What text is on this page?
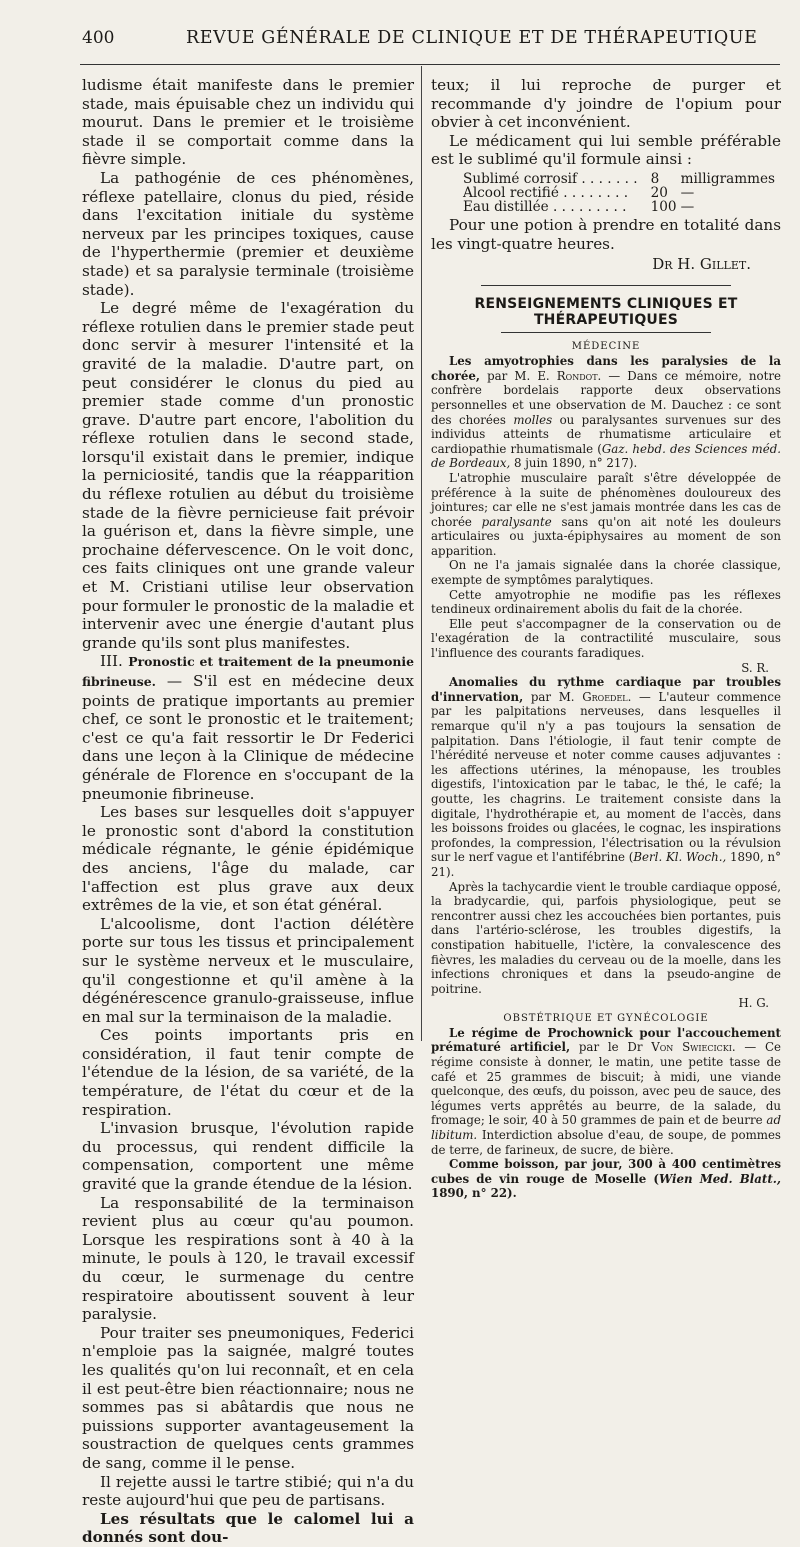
400	REVUE GÉNÉRALE DE CLINIQUE ET DE THÉRAPEUTIQUE

ludisme était manifeste dans le premier stade, mais épuisable chez un individu qui mourut. Dans le premier et le troisième stade il se comportait comme dans la fièvre simple.

La pathogénie de ces phénomènes, réflexe patellaire, clonus du pied, réside dans l'excitation initiale du système nerveux par les principes toxiques, cause de l'hyperthermie (premier et deuxième stade) et sa paralysie terminale (troisième stade).

Le degré même de l'exagération du réflexe rotulien dans le premier stade peut donc servir à mesurer l'intensité et la gravité de la maladie. D'autre part, on peut considérer le clonus du pied au premier stade comme d'un pronostic grave. D'autre part encore, l'abolition du réflexe rotulien dans le second stade, lorsqu'il existait dans le premier, indique la perniciosité, tandis que la réapparition du réflexe rotulien au début du troisième stade de la fièvre pernicieuse fait prévoir la guérison et, dans la fièvre simple, une prochaine défervescence. On le voit donc, ces faits cliniques ont une grande valeur et M. Cristiani utilise leur observation pour formuler le pronostic de la maladie et intervenir avec une énergie d'autant plus grande qu'ils sont plus manifestes.

III. Pronostic et traitement de la pneumonie fibrineuse. — S'il est en médecine deux points de pratique importants au premier chef, ce sont le pronostic et le traitement; c'est ce qu'a fait ressortir le Dr Federici dans une leçon à la Clinique de médecine générale de Florence en s'occupant de la pneumonie fibrineuse.

Les bases sur lesquelles doit s'appuyer le pronostic sont d'abord la constitution médicale régnante, le génie épidémique des anciens, l'âge du malade, car l'affection est plus grave aux deux extrêmes de la vie, et son état général.

L'alcoolisme, dont l'action délétère porte sur tous les tissus et principalement sur le système nerveux et le musculaire, qu'il congestionne et qu'il amène à la dégénérescence granulo-graisseuse, influe en mal sur la terminaison de la maladie.

Ces points importants pris en considération, il faut tenir compte de l'étendue de la lésion, de sa variété, de la température, de l'état du cœur et de la respiration.

L'invasion brusque, l'évolution rapide du processus, qui rendent difficile la compensation, comportent une même gravité que la grande étendue de la lésion.

La responsabilité de la terminaison revient plus au cœur qu'au poumon. Lorsque les respirations sont à 40 à la minute, le pouls à 120, le travail excessif du cœur, le surmenage du centre respiratoire aboutissent souvent à leur paralysie.

Pour traiter ses pneumoniques, Federici n'emploie pas la saignée, malgré toutes les qualités qu'on lui reconnaît, et en cela il est peut-être bien réactionnaire; nous ne sommes pas si abâtardis que nous ne puissions supporter avantageusement la soustraction de quelques cents grammes de sang, comme il le pense.

Il rejette aussi le tartre stibié; qui n'a du reste aujourd'hui que peu de partisans.

Les résultats que le calomel lui a donnés sont dou-

teux; il lui reproche de purger et recommande d'y joindre de l'opium pour obvier à cet inconvénient.

Le médicament qui lui semble préférable est le sublimé qu'il formule ainsi :

Sublimé corrosif . . . . . . .	8	milligrammes
Alcool rectifié . . . . . . . .	20	—
Eau distillée . . . . . . . . .	100	—

Pour une potion à prendre en totalité dans les vingt-quatre heures.

Dr H. Gillet.
RENSEIGNEMENTS CLINIQUES ET THÉRAPEUTIQUES
MÉDECINE

Les amyotrophies dans les paralysies de la chorée, par M. E. Rondot. — Dans ce mémoire, notre confrère bordelais rapporte deux observations personnelles et une observation de M. Dauchez : ce sont des chorées molles ou paralysantes survenues sur des individus atteints de rhumatisme articulaire et cardiopathie rhumatismale (Gaz. hebd. des Sciences méd. de Bordeaux, 8 juin 1890, n° 217).

L'atrophie musculaire paraît s'être développée de préférence à la suite de phénomènes douloureux des jointures; car elle ne s'est jamais montrée dans les cas de chorée paralysante sans qu'on ait noté les douleurs articulaires ou juxta-épiphysaires au moment de son apparition.

On ne l'a jamais signalée dans la chorée classique, exempte de symptômes paralytiques.

Cette amyotrophie ne modifie pas les réflexes tendineux ordinairement abolis du fait de la chorée.

Elle peut s'accompagner de la conservation ou de l'exagération de la contractilité musculaire, sous l'influence des courants faradiques.

S. R.

Anomalies du rythme cardiaque par troubles d'innervation, par M. Groedel. — L'auteur commence par les palpitations nerveuses, dans lesquelles il remarque qu'il n'y a pas toujours la sensation de palpitation. Dans l'étiologie, il faut tenir compte de l'hérédité nerveuse et noter comme causes adjuvantes : les affections utérines, la ménopause, les troubles digestifs, l'intoxication par le tabac, le thé, le café; la goutte, les chagrins. Le traitement consiste dans la digitale, l'hydrothérapie et, au moment de l'accès, dans les boissons froides ou glacées, le cognac, les inspirations profondes, la compression, l'électrisation ou la révulsion sur le nerf vague et l'antifébrine (Berl. Kl. Woch., 1890, n° 21).

Après la tachycardie vient le trouble cardiaque opposé, la bradycardie, qui, parfois physiologique, peut se rencontrer aussi chez les accouchées bien portantes, puis dans l'artério-sclérose, les troubles digestifs, la constipation habituelle, l'ictère, la convalescence des fièvres, les maladies du cerveau ou de la moelle, dans les infections chroniques et dans la pseudo-angine de poitrine.

H. G.
OBSTÉTRIQUE ET GYNÉCOLOGIE

Le régime de Prochownick pour l'accouchement prématuré artificiel, par le Dr Von Swiecicki. — Ce régime consiste à donner, le matin, une petite tasse de café et 25 grammes de biscuit; à midi, une viande quelconque, des œufs, du poisson, avec peu de sauce, des légumes verts apprêtés au beurre, de la salade, du fromage; le soir, 40 à 50 grammes de pain et de beurre ad libitum. Interdiction absolue d'eau, de soupe, de pommes de terre, de farineux, de sucre, de bière.

Comme boisson, par jour, 300 à 400 centimètres cubes de vin rouge de Moselle (Wien Med. Blatt., 1890, n° 22).
